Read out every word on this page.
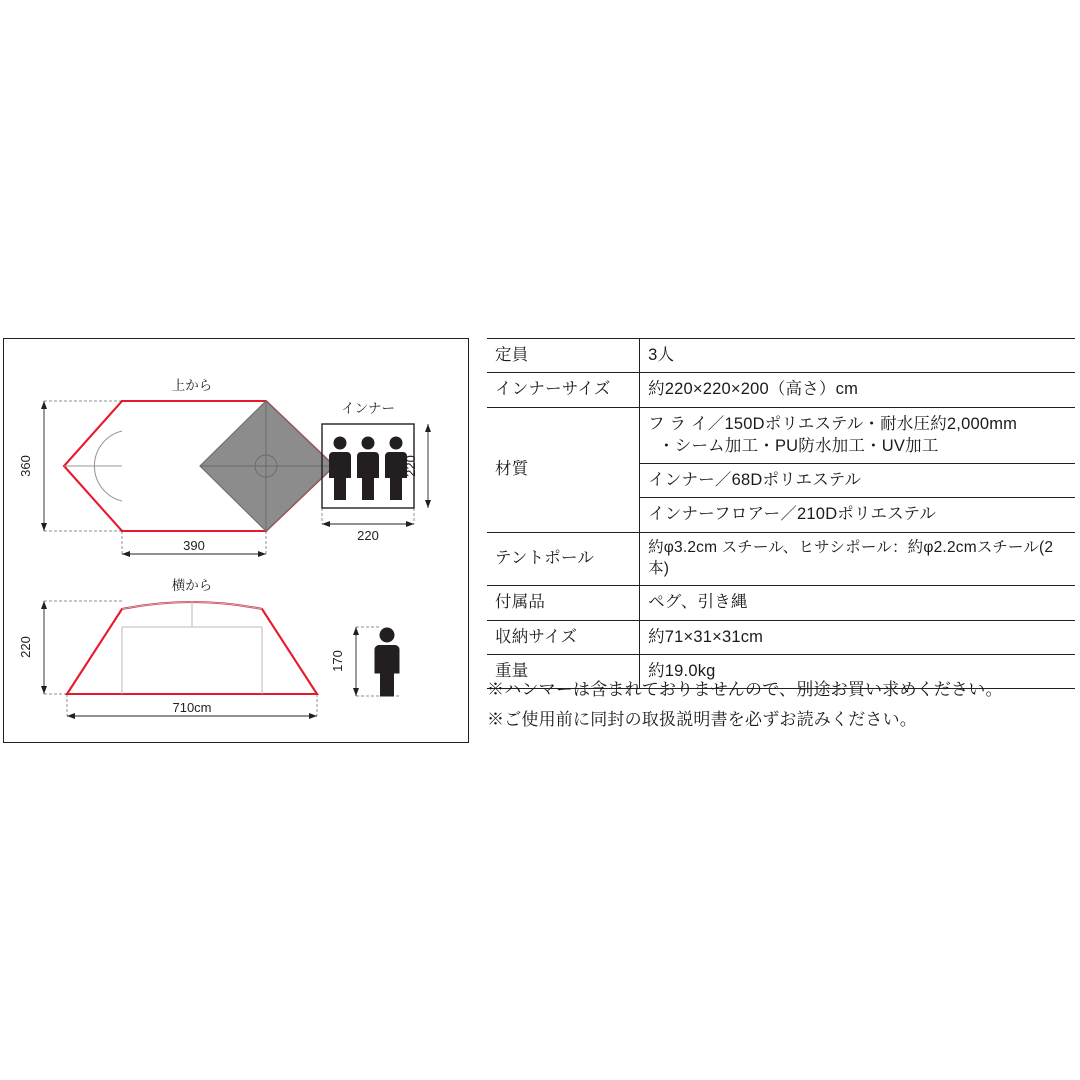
上から
360
390
インナー
220
220
横から
220
710cm
170
定員	3人
インナーサイズ	約220×220×200（高さ）cm
材質	フ ラ イ／150Dポリエステル・耐水圧約2,000mm
・シーム加工・PU防水加工・UV加工

	インナー／68Dポリエステル
	インナーフロアー／210Dポリエステル
テントポール	約φ3.2cm スチール、ヒサシポール：約φ2.2cmスチール(2本)
付属品	ペグ、引き縄
収納サイズ	約71×31×31cm
重量	約19.0kg
※ハンマーは含まれておりませんので、別途お買い求めください。
※ご使用前に同封の取扱説明書を必ずお読みください。
